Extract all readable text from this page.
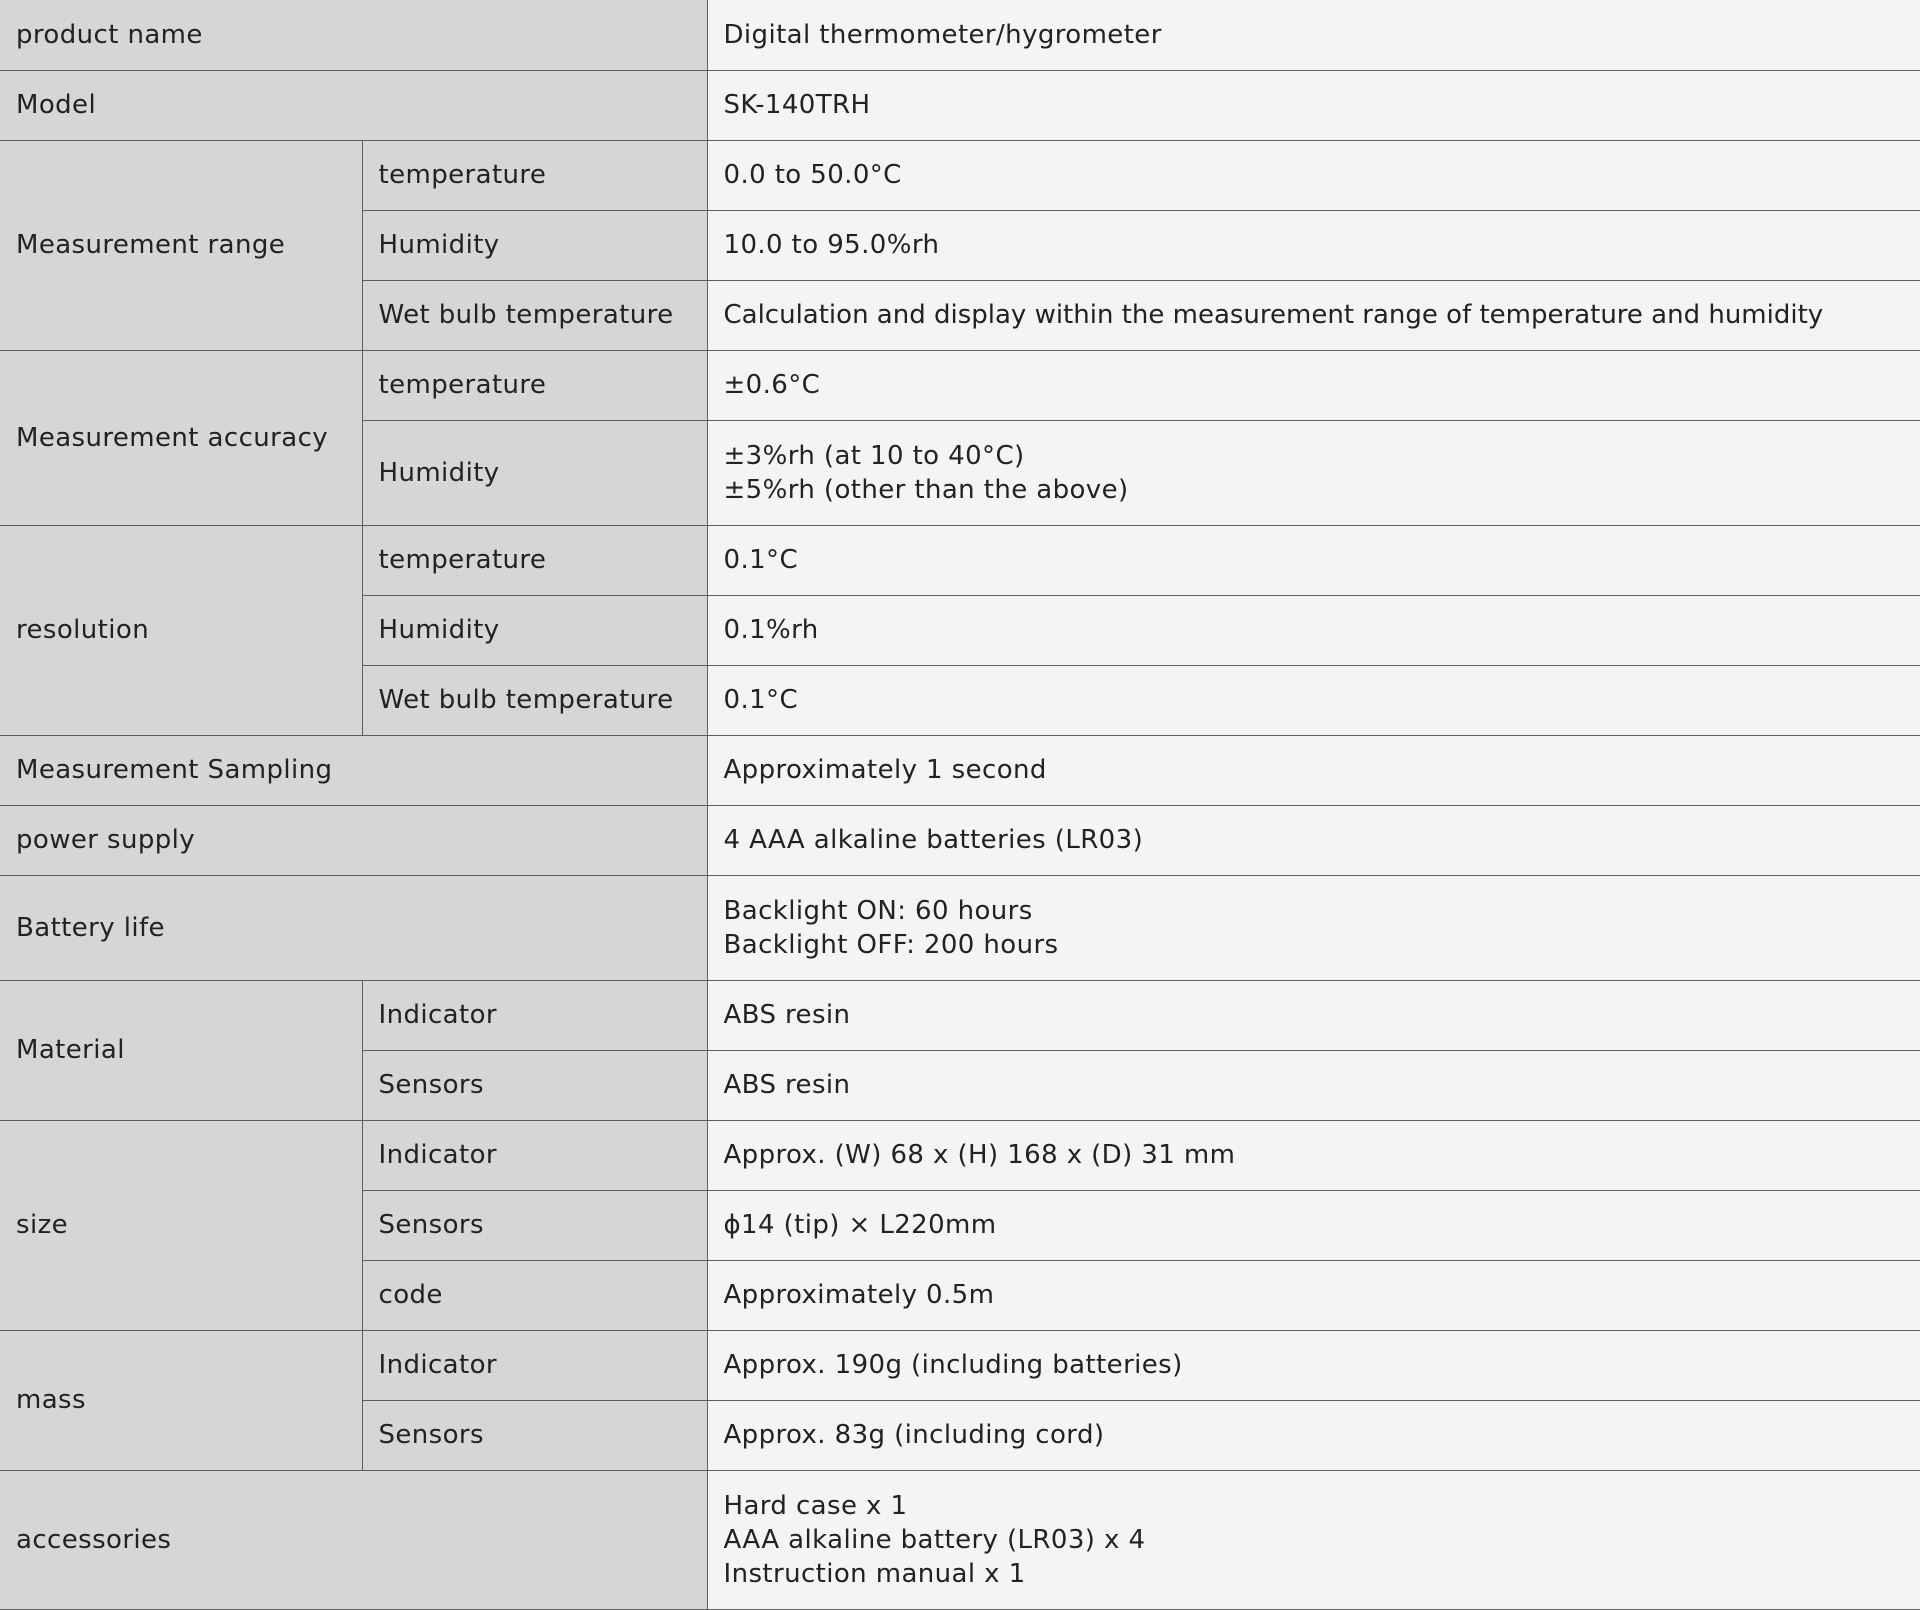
product name		Digital thermometer/hygrometer

Model		SK-140TRH

Measurement range	temperature	0.0 to 50.0°C

	Humidity	10.0 to 95.0%rh

	Wet bulb temperature	Calculation and display within the measurement range of temperature and humidity

Measurement accuracy	temperature	±0.6°C

	Humidity	±3%rh (at 10 to 40°C)
±5%rh (other than the above)

resolution	temperature	0.1°C

	Humidity	0.1%rh

	Wet bulb temperature	0.1°C

Measurement Sampling		Approximately 1 second

power supply		4 AAA alkaline batteries (LR03)

Battery life		Backlight ON: 60 hours
Backlight OFF: 200 hours

Material	Indicator	ABS resin

	Sensors	ABS resin

size	Indicator	Approx. (W) 68 x (H) 168 x (D) 31 mm

	Sensors	ϕ14 (tip) × L220mm

	code	Approximately 0.5m

mass	Indicator	Approx. 190g (including batteries)

	Sensors	Approx. 83g (including cord)

accessories		Hard case x 1
AAA alkaline battery (LR03) x 4
Instruction manual x 1
